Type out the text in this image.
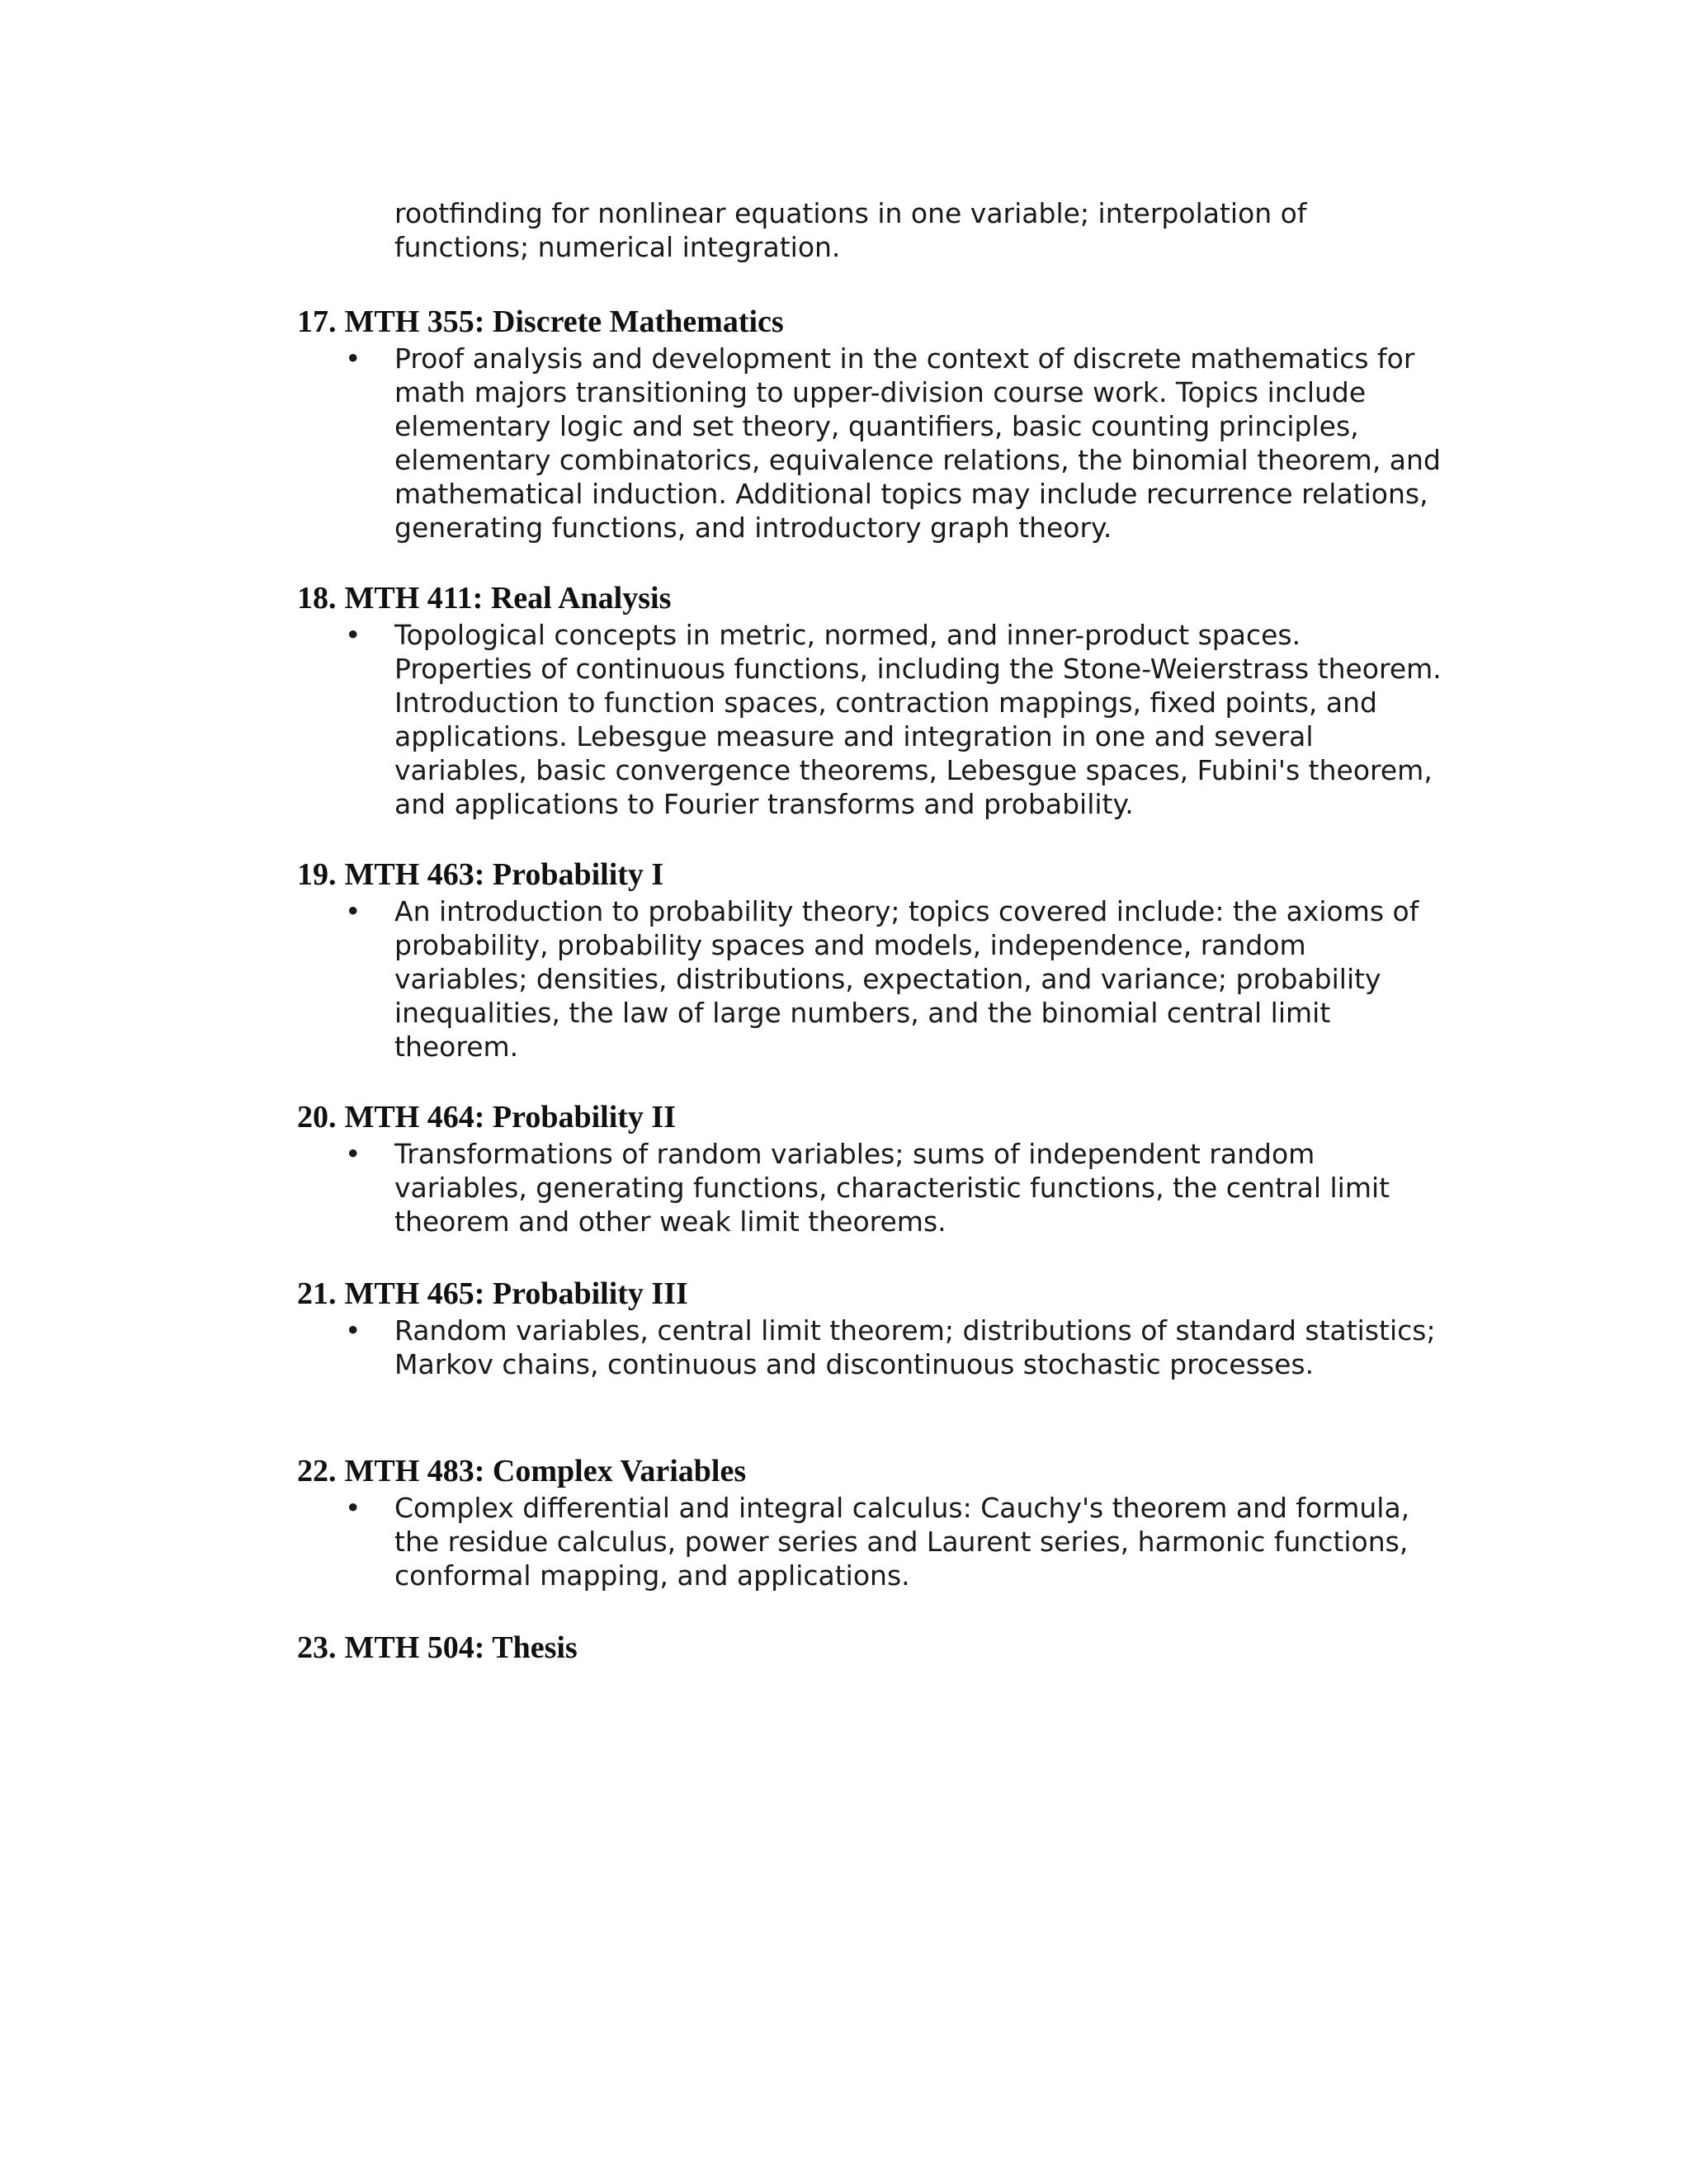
rootfinding for nonlinear equations in one variable; interpolation of functions; numerical integration.

17. MTH 355: Discrete Mathematics
• Proof analysis and development in the context of discrete mathematics for math majors transitioning to upper-division course work. Topics include elementary logic and set theory, quantifiers, basic counting principles, elementary combinatorics, equivalence relations, the binomial theorem, and mathematical induction. Additional topics may include recurrence relations, generating functions, and introductory graph theory.

18. MTH 411: Real Analysis
• Topological concepts in metric, normed, and inner-product spaces. Properties of continuous functions, including the Stone-Weierstrass theorem. Introduction to function spaces, contraction mappings, fixed points, and applications. Lebesgue measure and integration in one and several variables, basic convergence theorems, Lebesgue spaces, Fubini's theorem, and applications to Fourier transforms and probability.

19. MTH 463: Probability I
• An introduction to probability theory; topics covered include: the axioms of probability, probability spaces and models, independence, random variables; densities, distributions, expectation, and variance; probability inequalities, the law of large numbers, and the binomial central limit theorem.

20. MTH 464: Probability II
• Transformations of random variables; sums of independent random variables, generating functions, characteristic functions, the central limit theorem and other weak limit theorems.

21. MTH 465: Probability III
• Random variables, central limit theorem; distributions of standard statistics; Markov chains, continuous and discontinuous stochastic processes.

22. MTH 483: Complex Variables
• Complex differential and integral calculus: Cauchy's theorem and formula, the residue calculus, power series and Laurent series, harmonic functions, conformal mapping, and applications.

23. MTH 504: Thesis
